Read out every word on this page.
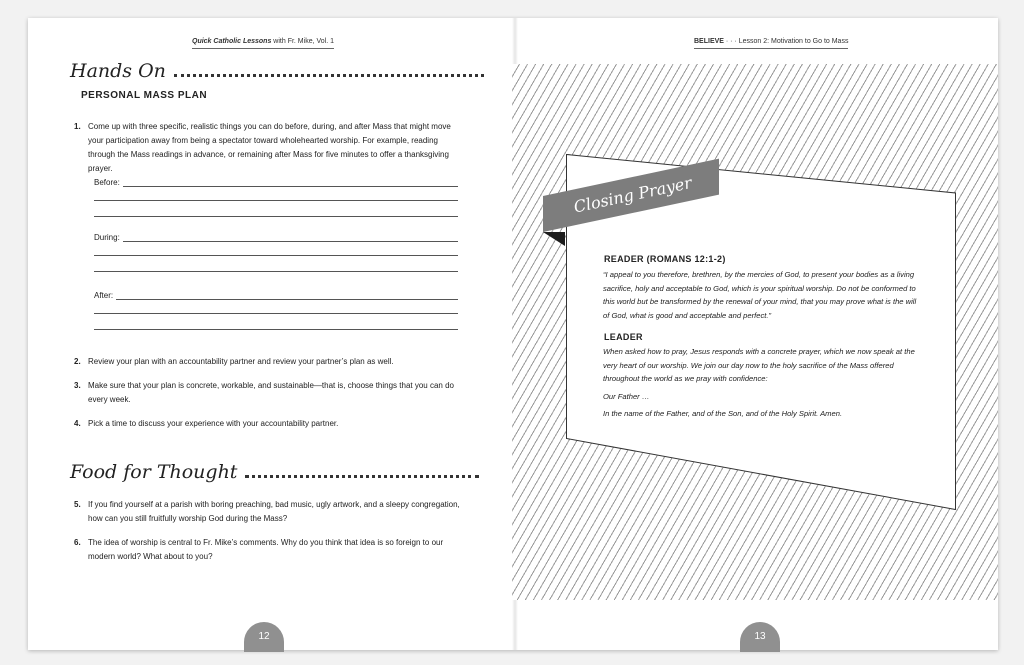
Quick Catholic Lessons with Fr. Mike, Vol. 1
Hands On
PERSONAL MASS PLAN
1. Come up with three specific, realistic things you can do before, during, and after Mass that might move your participation away from being a spectator toward wholehearted worship. For example, reading through the Mass readings in advance, or remaining after Mass for five minutes to offer a thanksgiving prayer.
Before:
During:
After:
2. Review your plan with an accountability partner and review your partner’s plan as well.
3. Make sure that your plan is concrete, workable, and sustainable—that is, choose things that you can do every week.
4. Pick a time to discuss your experience with your accountability partner.
Food for Thought
5. If you find yourself at a parish with boring preaching, bad music, ugly artwork, and a sleepy congregation, how can you still fruitfully worship God during the Mass?
6. The idea of worship is central to Fr. Mike’s comments. Why do you think that idea is so foreign to our modern world? What about to you?
12
BELIEVE · · · Lesson 2: Motivation to Go to Mass
Closing Prayer
READER (ROMANS 12:1-2)
“I appeal to you therefore, brethren, by the mercies of God, to present your bodies as a living sacrifice, holy and acceptable to God, which is your spiritual worship. Do not be conformed to this world but be transformed by the renewal of your mind, that you may prove what is the will of God, what is good and acceptable and perfect.”
LEADER
When asked how to pray, Jesus responds with a concrete prayer, which we now speak at the very heart of our worship. We join our day now to the holy sacrifice of the Mass offered throughout the world as we pray with confidence:
Our Father …
In the name of the Father, and of the Son, and of the Holy Spirit. Amen.
13
